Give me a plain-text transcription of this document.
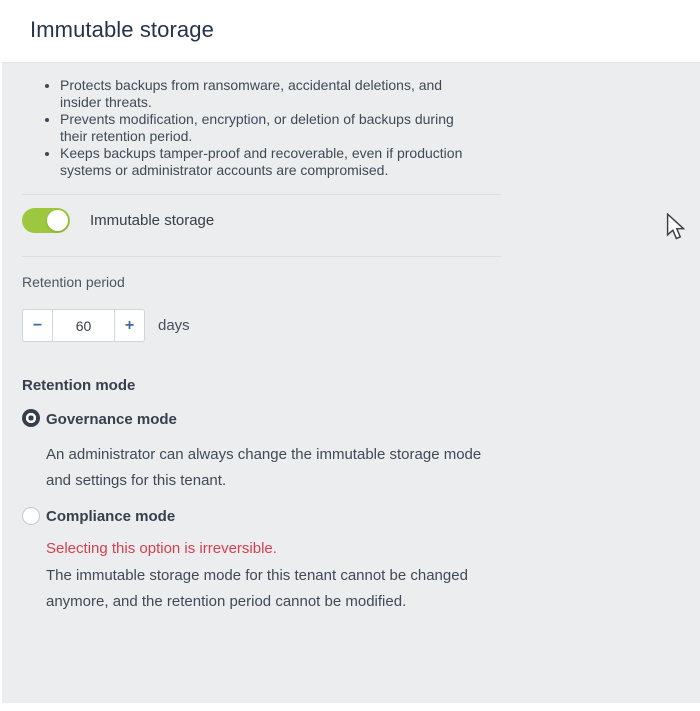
Immutable storage
• Protects backups from ransomware, accidental deletions, and insider threats.
• Prevents modification, encryption, or deletion of backups during their retention period.
• Keeps backups tamper-proof and recoverable, even if production systems or administrator accounts are compromised.
Immutable storage
Retention period
−
60	+	days
Retention mode
Governance mode
An administrator can always change the immutable storage mode and settings for this tenant.
Compliance mode
Selecting this option is irreversible.
The immutable storage mode for this tenant cannot be changed anymore, and the retention period cannot be modified.
